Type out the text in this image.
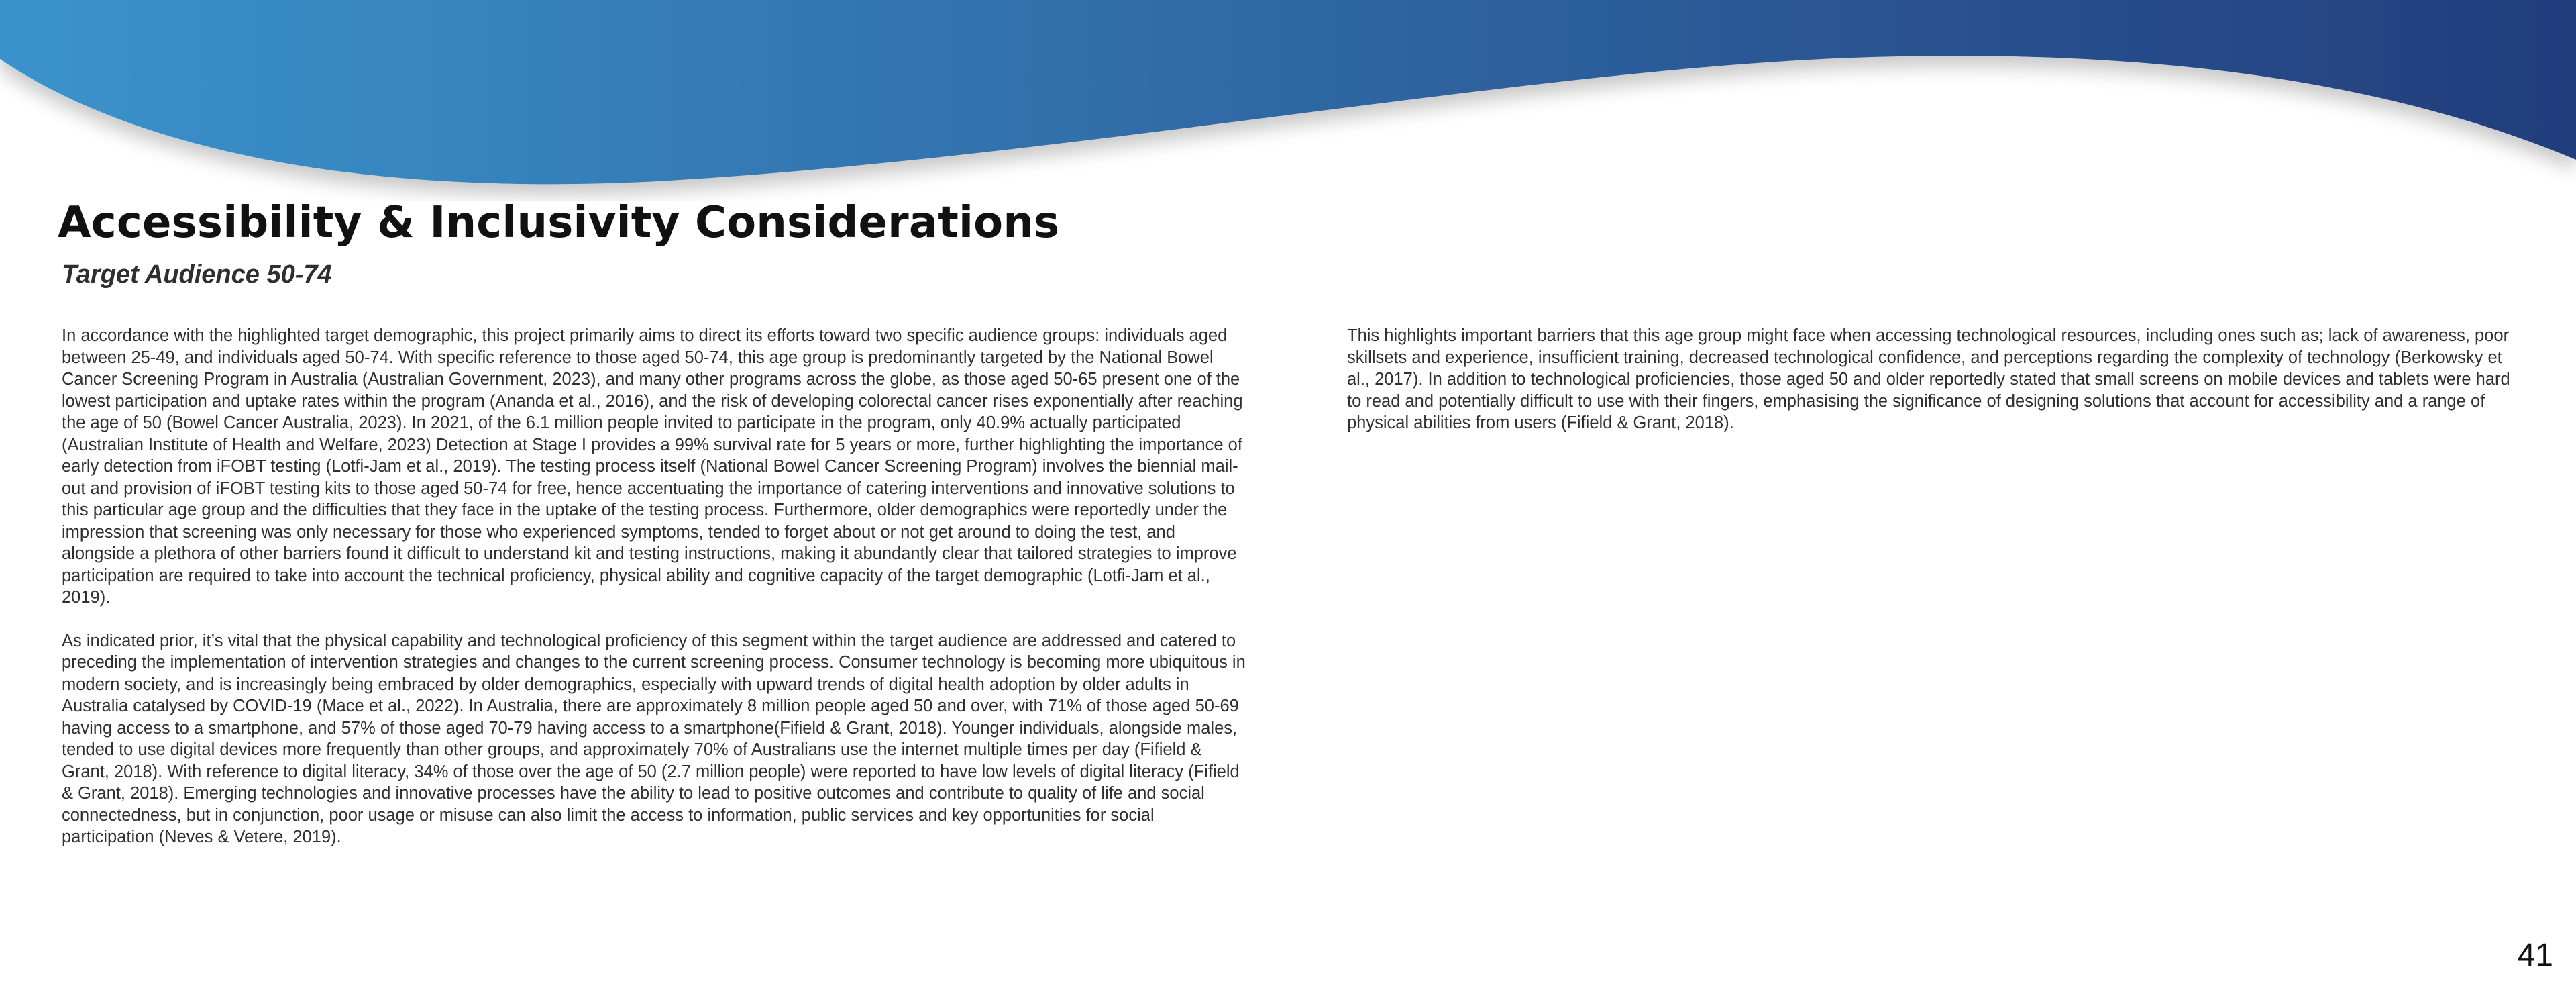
Accessibility & Inclusivity Considerations
Target Audience 50-74

In accordance with the highlighted target demographic, this project primarily aims to direct its efforts toward two specific audience groups: individuals aged between 25-49, and individuals aged 50-74. With specific reference to those aged 50-74, this age group is predominantly targeted by the National Bowel Cancer Screening Program in Australia (Australian Government, 2023), and many other programs across the globe, as those aged 50-65 present one of the lowest participation and uptake rates within the program (Ananda et al., 2016), and the risk of developing colorectal cancer rises exponentially after reaching the age of 50 (Bowel Cancer Australia, 2023). In 2021, of the 6.1 million people invited to participate in the program, only 40.9% actually participated (Australian Institute of Health and Welfare, 2023) Detection at Stage I provides a 99% survival rate for 5 years or more, further highlighting the importance of early detection from iFOBT testing (Lotfi-Jam et al., 2019). The testing process itself (National Bowel Cancer Screening Program) involves the biennial mail-out and provision of iFOBT testing kits to those aged 50-74 for free, hence accentuating the importance of catering interventions and innovative solutions to this particular age group and the difficulties that they face in the uptake of the testing process. Furthermore, older demographics were reportedly under the impression that screening was only necessary for those who experienced symptoms, tended to forget about or not get around to doing the test, and alongside a plethora of other barriers found it difficult to understand kit and testing instructions, making it abundantly clear that tailored strategies to improve participation are required to take into account the technical proficiency, physical ability and cognitive capacity of the target demographic (Lotfi-Jam et al., 2019).

As indicated prior, it’s vital that the physical capability and technological proficiency of this segment within the target audience are addressed and catered to preceding the implementation of intervention strategies and changes to the current screening process. Consumer technology is becoming more ubiquitous in modern society, and is increasingly being embraced by older demographics, especially with upward trends of digital health adoption by older adults in Australia catalysed by COVID-19 (Mace et al., 2022). In Australia, there are approximately 8 million people aged 50 and over, with 71% of those aged 50-69 having access to a smartphone, and 57% of those aged 70-79 having access to a smartphone(Fifield & Grant, 2018). Younger individuals, alongside males, tended to use digital devices more frequently than other groups, and approximately 70% of Australians use the internet multiple times per day (Fifield & Grant, 2018). With reference to digital literacy, 34% of those over the age of 50 (2.7 million people) were reported to have low levels of digital literacy (Fifield & Grant, 2018). Emerging technologies and innovative processes have the ability to lead to positive outcomes and contribute to quality of life and social connectedness, but in conjunction, poor usage or misuse can also limit the access to information, public services and key opportunities for social participation (Neves & Vetere, 2019).

This highlights important barriers that this age group might face when accessing technological resources, including ones such as; lack of awareness, poor skillsets and experience, insufficient training, decreased technological confidence, and perceptions regarding the complexity of technology (Berkowsky et al., 2017). In addition to technological proficiencies, those aged 50 and older reportedly stated that small screens on mobile devices and tablets were hard to read and potentially difficult to use with their fingers, emphasising the significance of designing solutions that account for accessibility and a range of physical abilities from users (Fifield & Grant, 2018).

41
